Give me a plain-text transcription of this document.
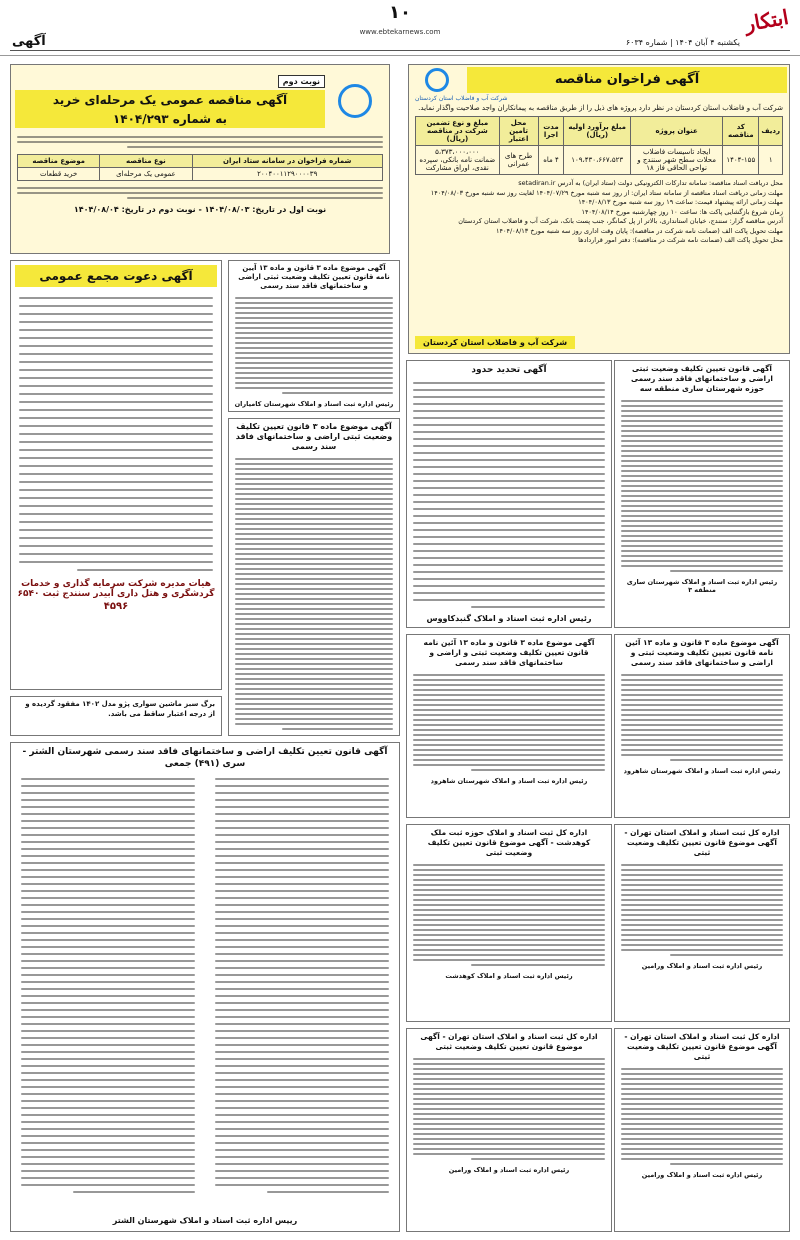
ابتکار
۱۰
www.ebtekarnews.com
یکشنبه ۴ آبان ۱۴۰۴ | شماره ۶۰۳۴
آگهی
آگهی فراخوان مناقصه
شرکت آب و فاضلاب استان کردستان
شرکت آب و فاضلاب استان کردستان در نظر دارد پروژه های ذیل را از طریق مناقصه به پیمانکاران واجد صلاحیت واگذار نماید.
ردیف	کد مناقصه	عنوان پروژه	مبلغ برآورد اولیه (ریال)	مدت اجرا	محل تامین اعتبار	مبلغ و نوع تضمین شرکت در مناقصه (ریال)
۱	۱۴۰۴-۱۵۵	ایجاد تاسیسات فاضلاب محلات سطح شهر سنندج و نواحی الحاقی فاز ۱۸	۱۰۹،۴۳۰،۶۶۷،۵۲۳	۴ ماه	طرح های عمرانی	۵،۳۷۳،۰۰۰،۰۰۰
ضمانت نامه بانکی، سپرده نقدی، اوراق مشارکت
محل دریافت اسناد مناقصه: سامانه تدارکات الکترونیکی دولت (ستاد ایران) به آدرس setadiran.ir
مهلت زمانی دریافت اسناد مناقصه از سامانه ستاد ایران: از روز سه شنبه مورخ ۱۴۰۴/۰۷/۲۹ لغایت روز سه شنبه مورخ ۱۴۰۴/۰۸/۰۳
مهلت زمانی ارائه پیشنهاد قیمت: ساعت ۱۹ روز سه شنبه مورخ ۱۴۰۴/۰۸/۱۳
زمان شروع بازگشایی پاکت ها: ساعت ۱۰ روز چهارشنبه مورخ ۱۴۰۴/۰۸/۱۴
آدرس مناقصه گزار: سنندج، خیابان استانداری، بالاتر از پل کمانگر، جنب پست بانک، شرکت آب و فاضلاب استان کردستان
مهلت تحویل پاکت الف (ضمانت نامه شرکت در مناقصه): پایان وقت اداری روز سه شنبه مورخ ۱۴۰۴/۰۸/۱۳
محل تحویل پاکت الف (ضمانت نامه شرکت در مناقصه): دفتر امور قراردادها
شرکت آب و فاضلاب استان کردستان
نوبت دوم
آگهی مناقصه عمومی یک مرحله‌ای خرید
به شماره ۱۴۰۴/۲۹۳
شماره فراخوان در سامانه ستاد ایران	نوع مناقصه	موضوع مناقصه
۲۰۰۴۰۰۱۱۲۹۰۰۰۰۳۹	عمومی یک مرحله‌ای	خرید قطعات
نوبت اول در تاریخ: ۱۴۰۴/۰۸/۰۳ - نوبت دوم در تاریخ: ۱۴۰۴/۰۸/۰۴
آگهی دعوت مجمع عمومی
هیات مدیره شرکت سرمایه گذاری و خدمات گردشگری و هتل داری آبیدر سنندج ثبت ۶۵۴۰
۴۵۹۶
آگهی موضوع ماده ۳ قانون و ماده ۱۳ آیین نامه قانون تعیین تکلیف وضعیت ثبتی اراضی و ساختمانهای فاقد سند رسمی
رئیس اداره ثبت اسناد و املاک شهرستان کامیاران
آگهی موضوع ماده ۳ قانون تعیین تکلیف وضعیت ثبتی اراضی و ساختمانهای فاقد سند رسمی
آگهی تحدید حدود
رئیس اداره ثبت اسناد و املاک گنبدکاووس
آگهی قانون تعیین تکلیف وضعیت ثبتی اراضی و ساختمانهای فاقد سند رسمی حوزه شهرستان ساری منطقه سه
رئیس اداره ثبت اسناد و املاک شهرستان ساری منطقه ۳
برگ سبز ماشین سواری پژو مدل ۱۴۰۲ مفقود گردیده و از درجه اعتبار ساقط می باشد.
آگهی موضوع ماده ۳ قانون و ماده ۱۳ آئین نامه قانون تعیین تکلیف وضعیت ثبتی و اراضی و ساختمانهای فاقد سند رسمی
رئیس اداره ثبت اسناد و املاک شهرستان شاهرود
آگهی موضوع ماده ۳ قانون و ماده ۱۳ آئین نامه قانون تعیین تکلیف وضعیت ثبتی و اراضی و ساختمانهای فاقد سند رسمی
رئیس اداره ثبت اسناد و املاک شهرستان شاهرود
اداره کل ثبت اسناد و املاک حوزه ثبت ملک کوهدشت - آگهی موضوع قانون تعیین تکلیف وضعیت ثبتی
رئیس اداره ثبت اسناد و املاک کوهدشت
اداره کل ثبت اسناد و املاک استان تهران - آگهی موضوع قانون تعیین تکلیف وضعیت ثبتی
رئیس اداره ثبت اسناد و املاک ورامین
اداره کل ثبت اسناد و املاک استان تهران - آگهی موضوع قانون تعیین تکلیف وضعیت ثبتی
رئیس اداره ثبت اسناد و املاک ورامین
اداره کل ثبت اسناد و املاک استان تهران - آگهی موضوع قانون تعیین تکلیف وضعیت ثبتی
رئیس اداره ثبت اسناد و املاک ورامین
آگهی قانون تعیین تکلیف اراضی و ساختمانهای فاقد سند رسمی شهرستان الشتر - سری (۴۹۱) جمعی
رییس اداره ثبت اسناد و املاک شهرستان الشتر
